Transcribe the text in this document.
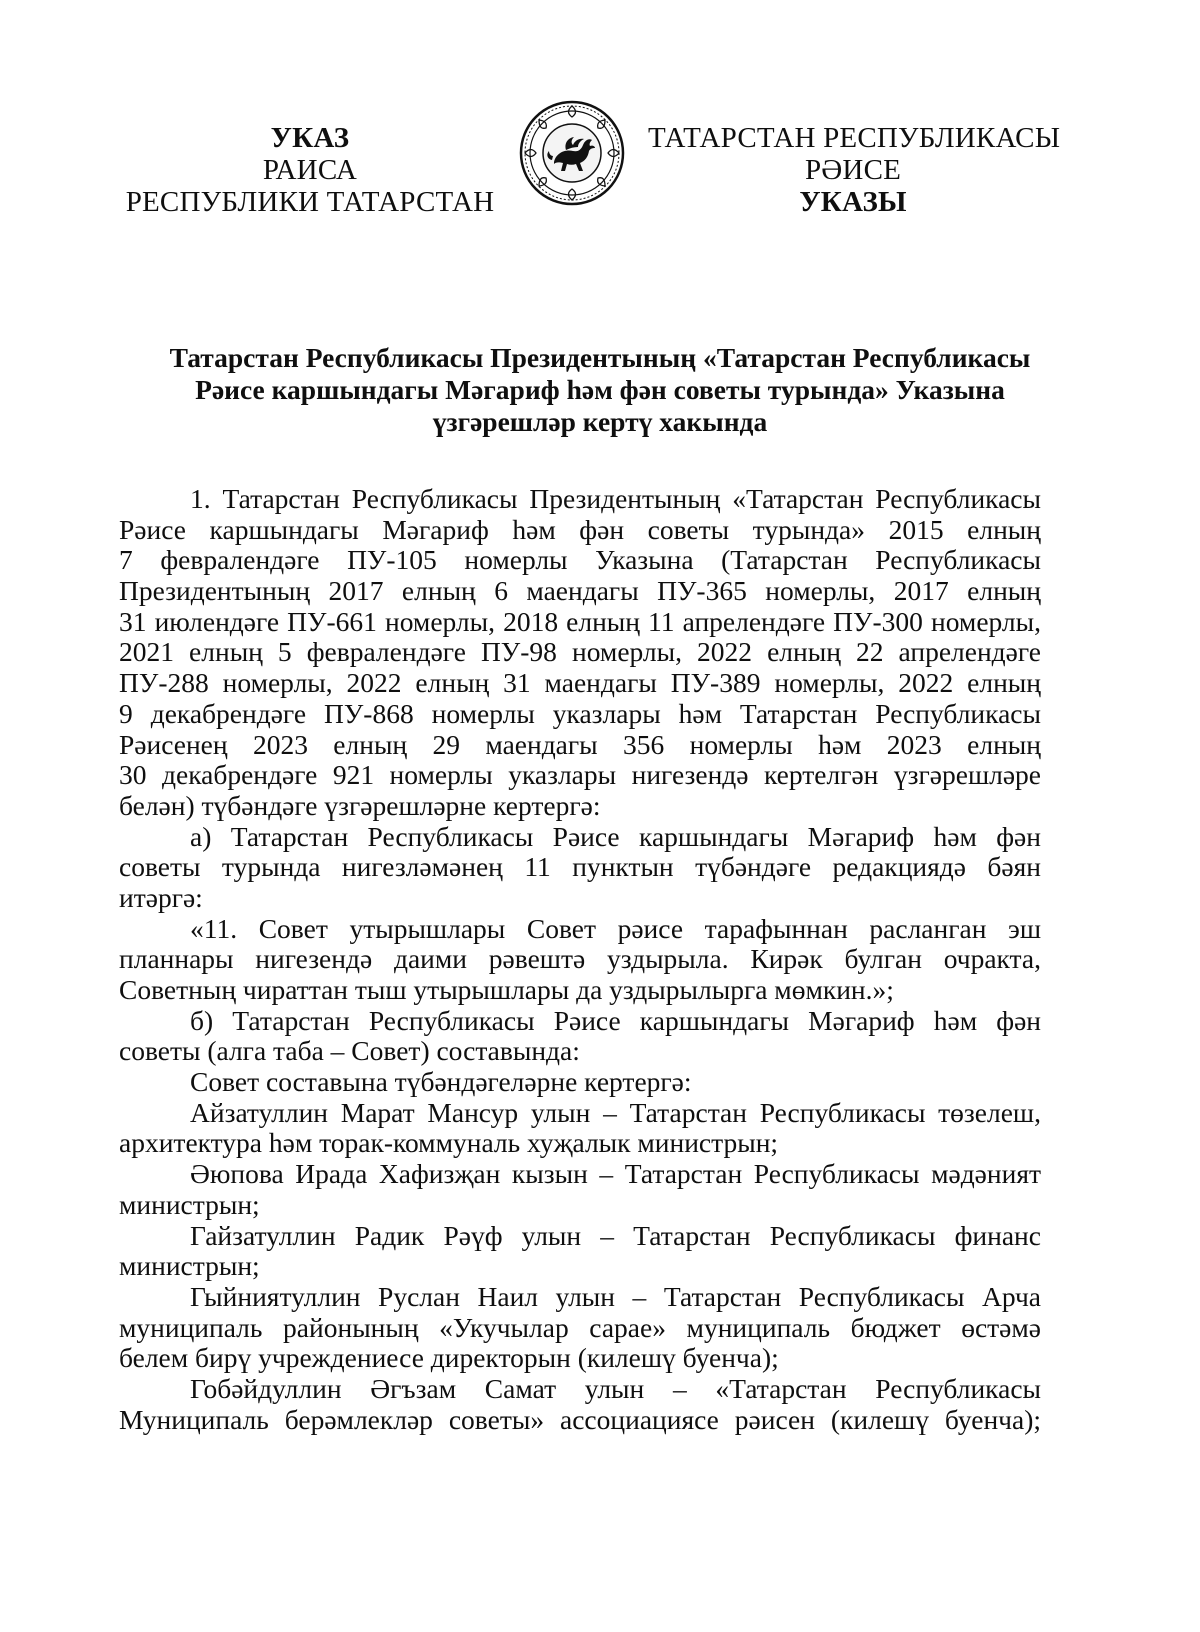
УКАЗ
РАИСА
РЕСПУБЛИКИ ТАТАРСТАН
ТАТАРСТАН РЕСПУБЛИКАСЫ
РӘИСЕ
УКАЗЫ
Татарстан Республикасы Президентының «Татарстан Республикасы
Рәисе каршындагы Мәгариф һәм фән советы турында» Указына
үзгәрешләр кертү хакында
1. Татарстан Республикасы Президентының «Татарстан Республикасы
Рәисе каршындагы Мәгариф һәм фән советы турында» 2015 елның
7 февралендәге ПУ-105 номерлы Указына (Татарстан Республикасы
Президентының 2017 елның 6 маендагы ПУ-365 номерлы, 2017 елның
31 июлендәге ПУ-661 номерлы, 2018 елның 11 апрелендәге ПУ-300 номерлы,
2021 елның 5 февралендәге ПУ-98 номерлы, 2022 елның 22 апрелендәге
ПУ-288 номерлы, 2022 елның 31 маендагы ПУ-389 номерлы, 2022 елның
9 декабрендәге ПУ-868 номерлы указлары һәм Татарстан Республикасы
Рәисенең 2023 елның 29 маендагы 356 номерлы һәм 2023 елның
30 декабрендәге 921 номерлы указлары нигезендә кертелгән үзгәрешләре
белән) түбәндәге үзгәрешләрне кертергә:
а) Татарстан Республикасы Рәисе каршындагы Мәгариф һәм фән
советы турында нигезләмәнең 11 пунктын түбәндәге редакциядә бәян
итәргә:
«11. Совет утырышлары Совет рәисе тарафыннан расланган эш
планнары нигезендә даими рәвештә уздырыла. Кирәк булган очракта,
Советның чираттан тыш утырышлары да уздырылырга мөмкин.»;
б) Татарстан Республикасы Рәисе каршындагы Мәгариф һәм фән
советы (алга таба – Совет) составында:
Совет составына түбәндәгеләрне кертергә:
Айзатуллин Марат Мансур улын – Татарстан Республикасы төзелеш,
архитектура һәм торак-коммуналь хуҗалык министрын;
Әюпова Ирада Хафизҗан кызын – Татарстан Республикасы мәдәният
министрын;
Гайзатуллин Радик Рәүф улын – Татарстан Республикасы финанс
министрын;
Гыйниятуллин Руслан Наил улын – Татарстан Республикасы Арча
муниципаль районының «Укучылар сарае» муниципаль бюджет өстәмә
белем бирү учреждениесе директорын (килешү буенча);
Гобәйдуллин Әгъзам Самат улын – «Татарстан Республикасы
Муниципаль берәмлекләр советы» ассоциациясе рәисен (килешү буенча);
